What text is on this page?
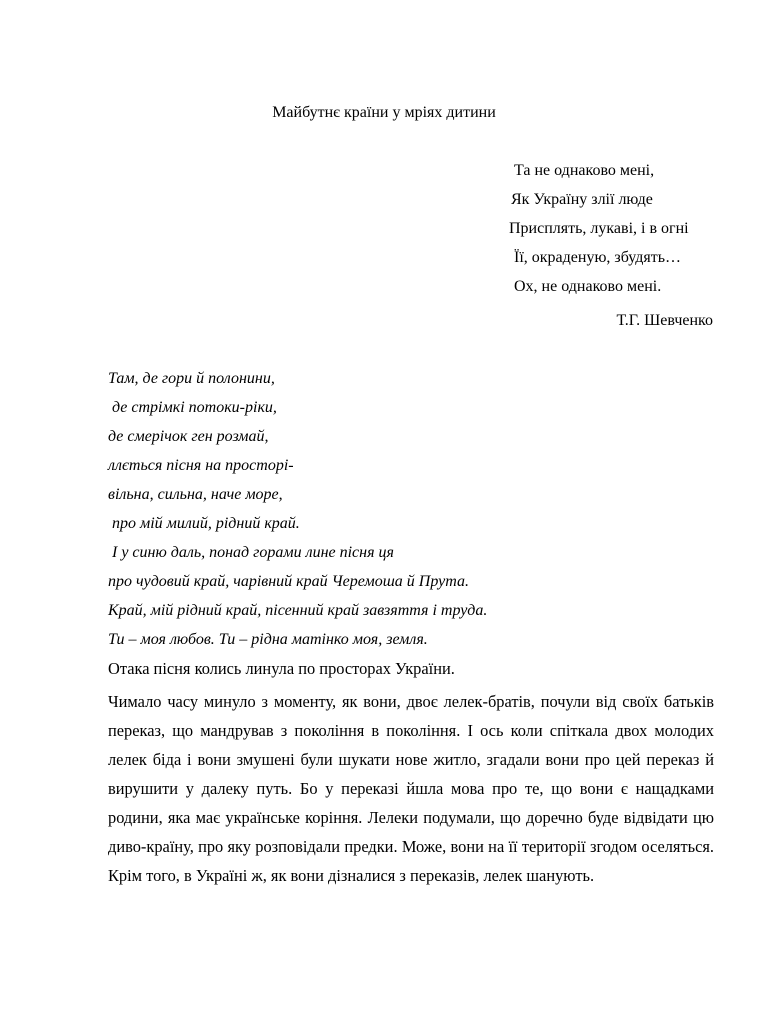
Майбутнє країни у мріях дитини
Та не однаково мені,
Як Україну злії люде
Присплять, лукаві, і в огні
Її, окраденую, збудять…
Ох, не однаково мені.
Т.Г. Шевченко
Там, де гори й полонини,
де стрімкі потоки-ріки,
де смерічок ген розмай,
ллється пісня на просторі-
вільна, сильна, наче море,
про мій милий, рідний край.
І у синю даль, понад горами лине пісня ця
про чудовий край, чарівний край Черемоша й Прута.
Край, мій рідний край, пісенний край завзяття і труда.
Ти – моя любов. Ти – рідна матінко моя, земля.
Отака пісня колись линула по просторах України.

Чимало часу минуло з моменту, як вони, двоє лелек-братів, почули від своїх батьків переказ, що мандрував з покоління в покоління. І ось коли спіткала двох молодих лелек біда і вони змушені були шукати нове житло, згадали вони про цей переказ й вирушити у далеку путь. Бо у переказі йшла мова про те, що вони є нащадками родини, яка має українське коріння. Лелеки подумали, що доречно буде відвідати цю диво-країну, про яку розповідали предки. Може, вони на її території згодом оселяться. Крім того, в Україні ж, як вони дізналися з переказів, лелек шанують.
